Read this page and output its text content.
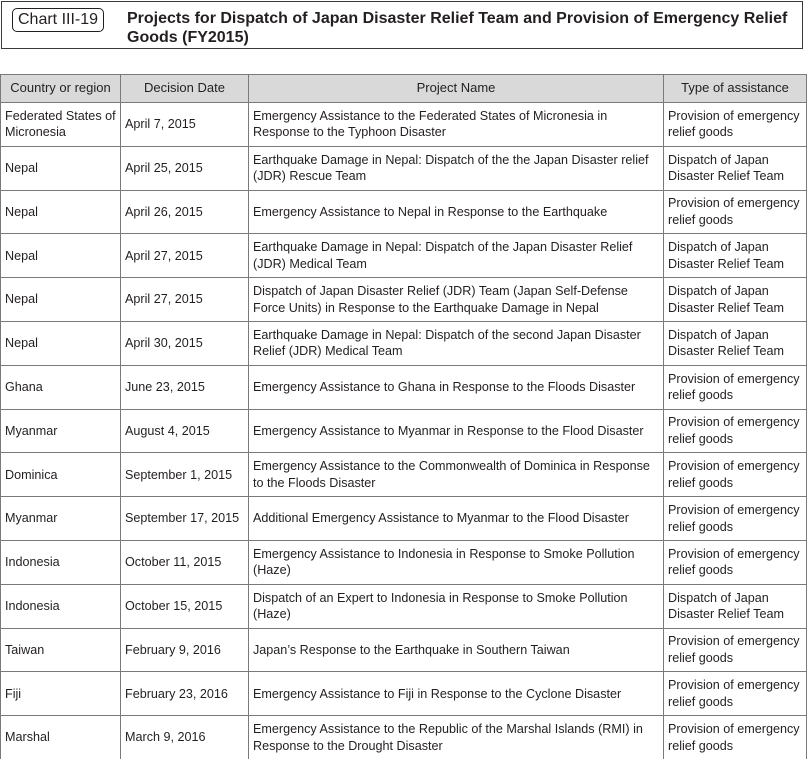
Chart III-19	Projects for Dispatch of Japan Disaster Relief Team and Provision of Emergency Relief Goods (FY2015)
Country or region	Decision Date	Project Name	Type of assistance
Federated States of Micronesia	April 7, 2015	Emergency Assistance to the Federated States of Micronesia in Response to the Typhoon Disaster	Provision of emergency relief goods
Nepal	April 25, 2015	Earthquake Damage in Nepal: Dispatch of the the Japan Disaster relief (JDR) Rescue Team	Dispatch of Japan Disaster Relief Team
Nepal	April 26, 2015	Emergency Assistance to Nepal in Response to the Earthquake	Provision of emergency relief goods
Nepal	April 27, 2015	Earthquake Damage in Nepal: Dispatch of the Japan Disaster Relief (JDR) Medical Team	Dispatch of Japan Disaster Relief Team
Nepal	April 27, 2015	Dispatch of Japan Disaster Relief (JDR) Team (Japan Self-Defense Force Units) in Response to the Earthquake Damage in Nepal	Dispatch of Japan Disaster Relief Team
Nepal	April 30, 2015	Earthquake Damage in Nepal: Dispatch of the second Japan Disaster Relief (JDR) Medical Team	Dispatch of Japan Disaster Relief Team
Ghana	June 23, 2015	Emergency Assistance to Ghana in Response to the Floods Disaster	Provision of emergency relief goods
Myanmar	August 4, 2015	Emergency Assistance to Myanmar in Response to the Flood Disaster	Provision of emergency relief goods
Dominica	September 1, 2015	Emergency Assistance to the Commonwealth of Dominica in Response to the Floods Disaster	Provision of emergency relief goods
Myanmar	September 17, 2015	Additional Emergency Assistance to Myanmar to the Flood Disaster	Provision of emergency relief goods
Indonesia	October 11, 2015	Emergency Assistance to Indonesia in Response to Smoke Pollution (Haze)	Provision of emergency relief goods
Indonesia	October 15, 2015	Dispatch of an Expert to Indonesia in Response to Smoke Pollution (Haze)	Dispatch of Japan Disaster Relief Team
Taiwan	February 9, 2016	Japan’s Response to the Earthquake in Southern Taiwan	Provision of emergency relief goods
Fiji	February 23, 2016	Emergency Assistance to Fiji in Response to the Cyclone Disaster	Provision of emergency relief goods
Marshal	March 9, 2016	Emergency Assistance to the Republic of the Marshal Islands (RMI) in Response to the Drought Disaster	Provision of emergency relief goods
